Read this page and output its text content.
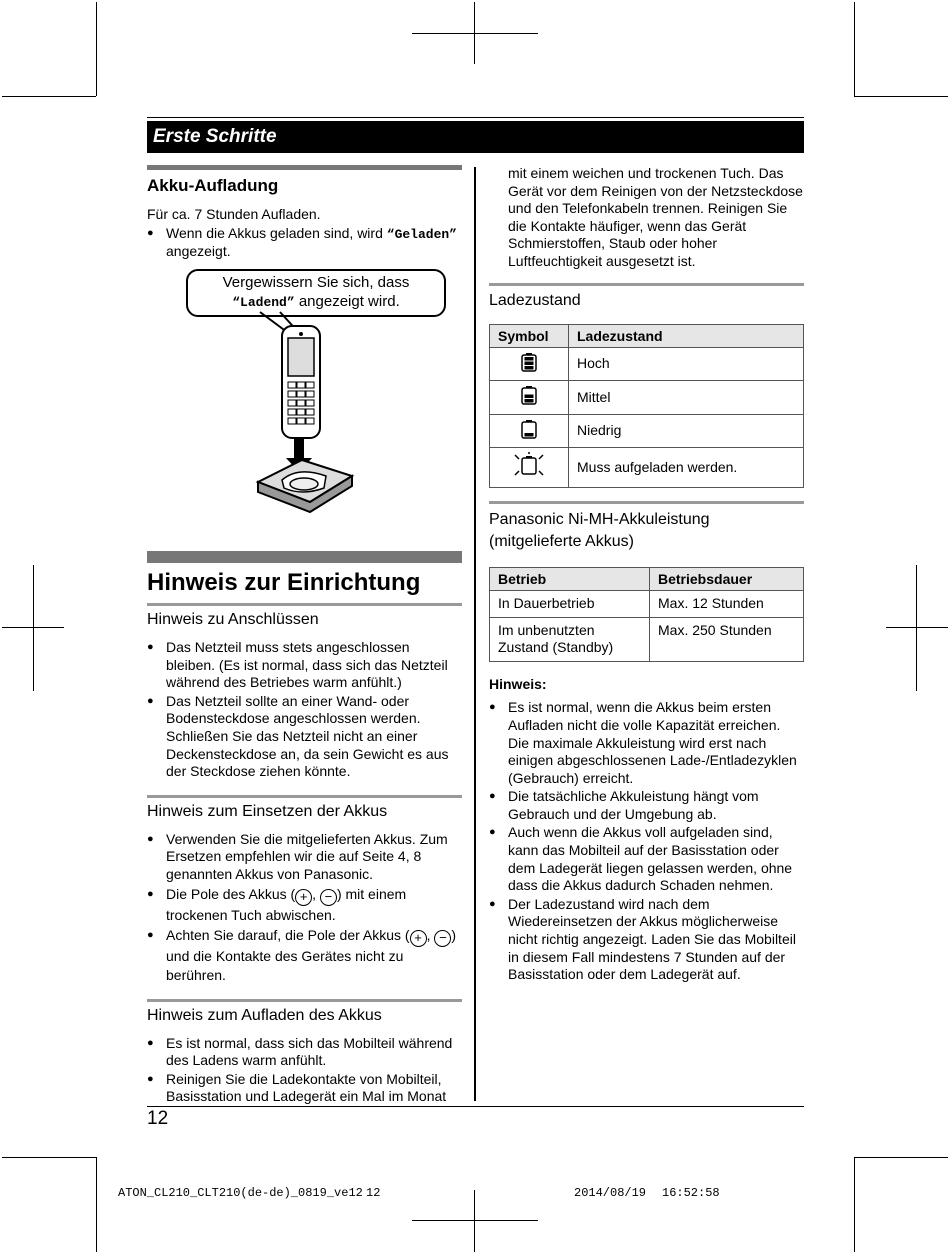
Erste Schritte
Akku-Aufladung

Für ca. 7 Stunden Aufladen.

● Wenn die Akkus geladen sind, wird “Geladen” angezeigt.

Vergewissern Sie sich, dass
“Ladend” angezeigt wird.

Hinweis zur Einrichtung
Hinweis zu Anschlüssen
● Das Netzteil muss stets angeschlossen bleiben. (Es ist normal, dass sich das Netzteil während des Betriebes warm anfühlt.)
● Das Netzteil sollte an einer Wand- oder Bodensteckdose angeschlossen werden. Schließen Sie das Netzteil nicht an einer Deckensteckdose an, da sein Gewicht es aus der Steckdose ziehen könnte.
Hinweis zum Einsetzen der Akkus
● Verwenden Sie die mitgelieferten Akkus. Zum Ersetzen empfehlen wir die auf Seite 4, 8 genannten Akkus von Panasonic.
● Die Pole des Akkus ( + , − ) mit einem trockenen Tuch abwischen.
● Achten Sie darauf, die Pole der Akkus ( + , − ) und die Kontakte des Gerätes nicht zu berühren.
Hinweis zum Aufladen des Akkus
● Es ist normal, dass sich das Mobilteil während des Ladens warm anfühlt.
● Reinigen Sie die Ladekontakte von Mobilteil, Basisstation und Ladegerät ein Mal im Monat

mit einem weichen und trockenen Tuch. Das Gerät vor dem Reinigen von der Netzsteckdose und den Telefonkabeln trennen. Reinigen Sie die Kontakte häufiger, wenn das Gerät Schmierstoffen, Staub oder hoher Luftfeuchtigkeit ausgesetzt ist.

Ladezustand
Symbol	Ladezustand
	Hoch
	Mittel
	Niedrig
	Muss aufgeladen werden.
Panasonic Ni-MH-Akkuleistung
(mitgelieferte Akkus)
Betrieb	Betriebsdauer
In Dauerbetrieb	Max. 12 Stunden
Im unbenutzten Zustand (Standby)	Max. 250 Stunden

Hinweis:

● Es ist normal, wenn die Akkus beim ersten Aufladen nicht die volle Kapazität erreichen. Die maximale Akkuleistung wird erst nach einigen abgeschlossenen Lade-/Entladezyklen (Gebrauch) erreicht.
● Die tatsächliche Akkuleistung hängt vom Gebrauch und der Umgebung ab.
● Auch wenn die Akkus voll aufgeladen sind, kann das Mobilteil auf der Basisstation oder dem Ladegerät liegen gelassen werden, ohne dass die Akkus dadurch Schaden nehmen.
● Der Ladezustand wird nach dem Wiedereinsetzen der Akkus möglicherweise nicht richtig angezeigt. Laden Sie das Mobilteil in diesem Fall mindestens 7 Stunden auf der Basisstation oder dem Ladegerät auf.
12
ATON_CL210_CLT210(de-de)_0819_ve12 12	2014/08/19 16:52:58
